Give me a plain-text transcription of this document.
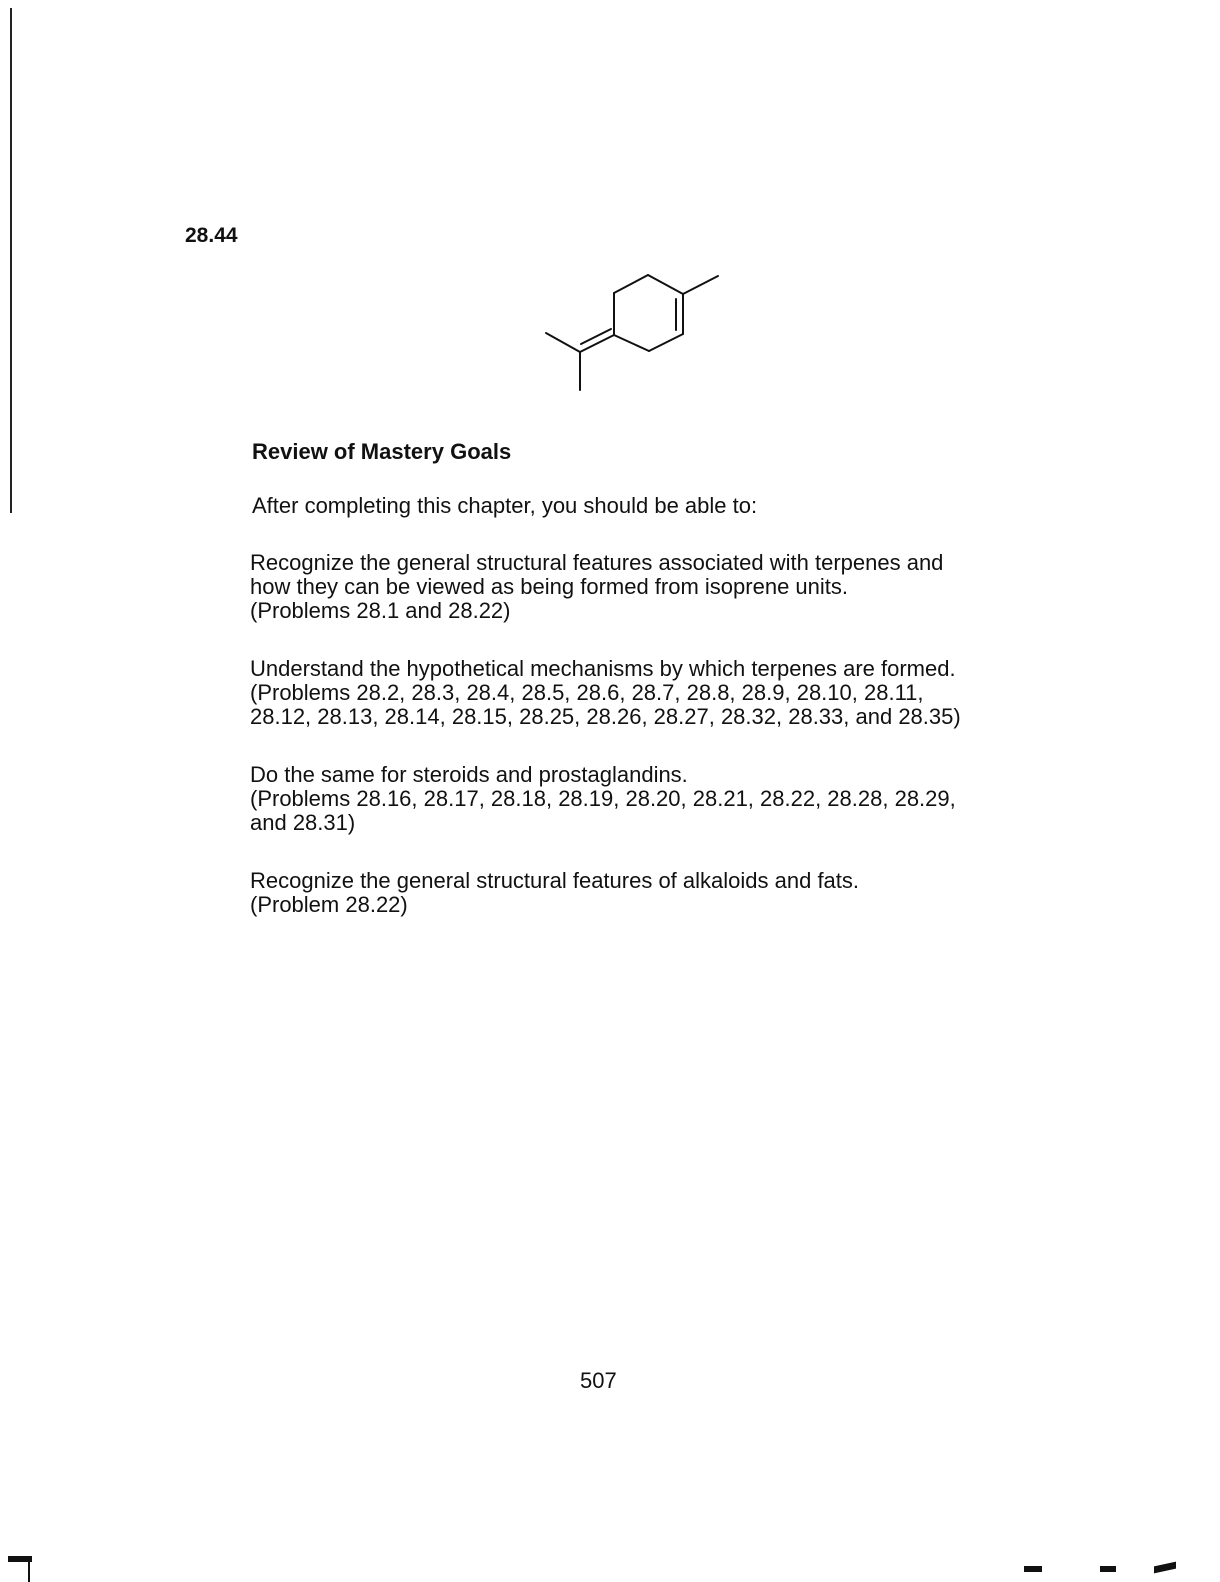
28.44
Review of Mastery Goals
After completing this chapter, you should be able to:

Recognize the general structural features associated with terpenes and
how they can be viewed as being formed from isoprene units.

(Problems 28.1 and 28.22)

Understand the hypothetical mechanisms by which terpenes are formed.

(Problems 28.2, 28.3, 28.4, 28.5, 28.6, 28.7, 28.8, 28.9, 28.10, 28.11,
28.12, 28.13, 28.14, 28.15, 28.25, 28.26, 28.27, 28.32, 28.33, and 28.35)

Do the same for steroids and prostaglandins.

(Problems 28.16, 28.17, 28.18, 28.19, 28.20, 28.21, 28.22, 28.28, 28.29,
and 28.31)

Recognize the general structural features of alkaloids and fats.

(Problem 28.22)

507
